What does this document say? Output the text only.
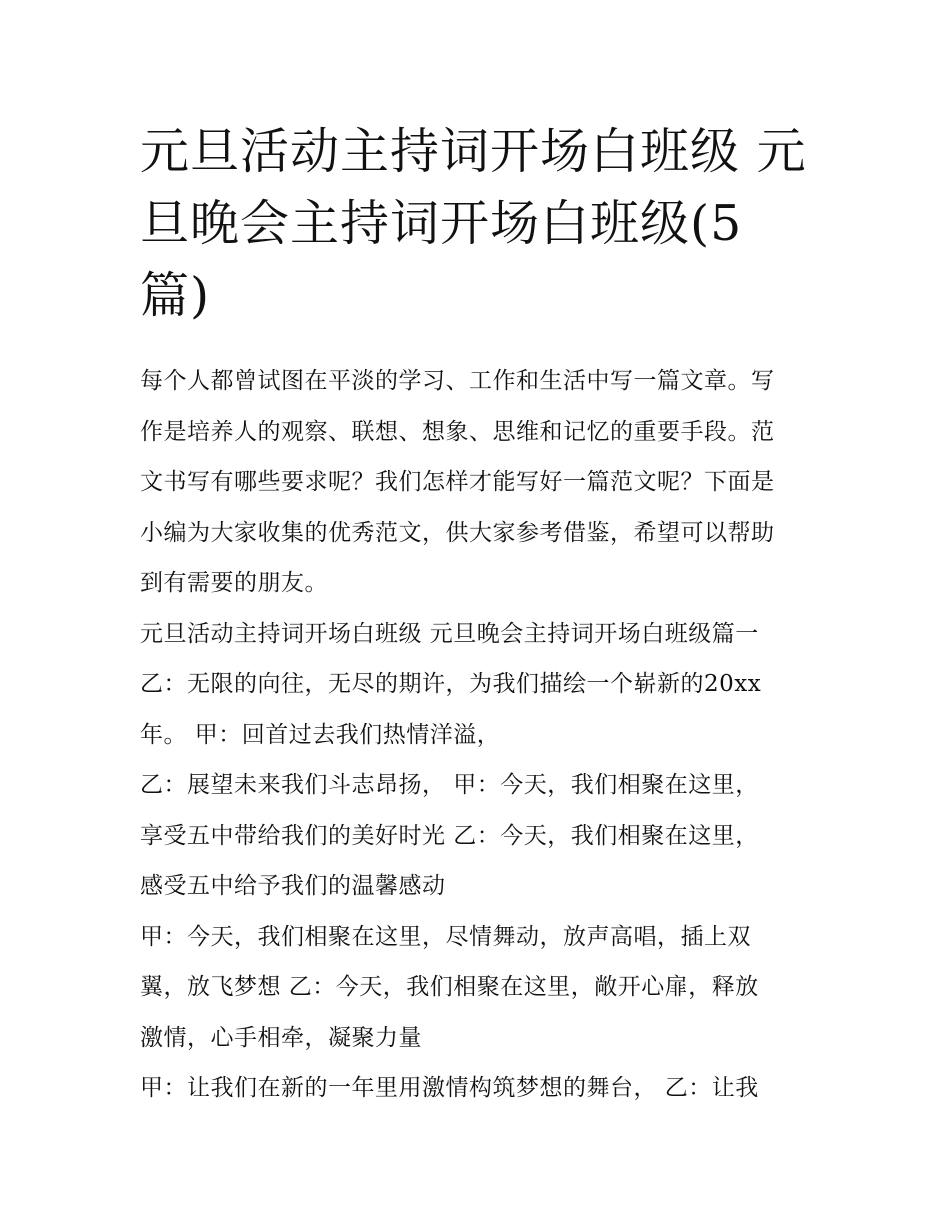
元旦活动主持词开场白班级 元
旦晚会主持词开场白班级(5
篇)

每个人都曾试图在平淡的学习、工作和生活中写一篇文章。写
作是培养人的观察、联想、想象、思维和记忆的重要手段。范
文书写有哪些要求呢？我们怎样才能写好一篇范文呢？下面是
小编为大家收集的优秀范文，供大家参考借鉴，希望可以帮助
到有需要的朋友。

元旦活动主持词开场白班级 元旦晚会主持词开场白班级篇一

乙：无限的向往，无尽的期许，为我们描绘一个崭新的20xx
年。 甲：回首过去我们热情洋溢，

乙：展望未来我们斗志昂扬， 甲：今天，我们相聚在这里，
享受五中带给我们的美好时光 乙：今天，我们相聚在这里，
感受五中给予我们的温馨感动

甲：今天，我们相聚在这里，尽情舞动，放声高唱，插上双
翼，放飞梦想 乙：今天，我们相聚在这里，敞开心扉，释放
激情，心手相牵，凝聚力量

甲：让我们在新的一年里用激情构筑梦想的舞台， 乙：让我
